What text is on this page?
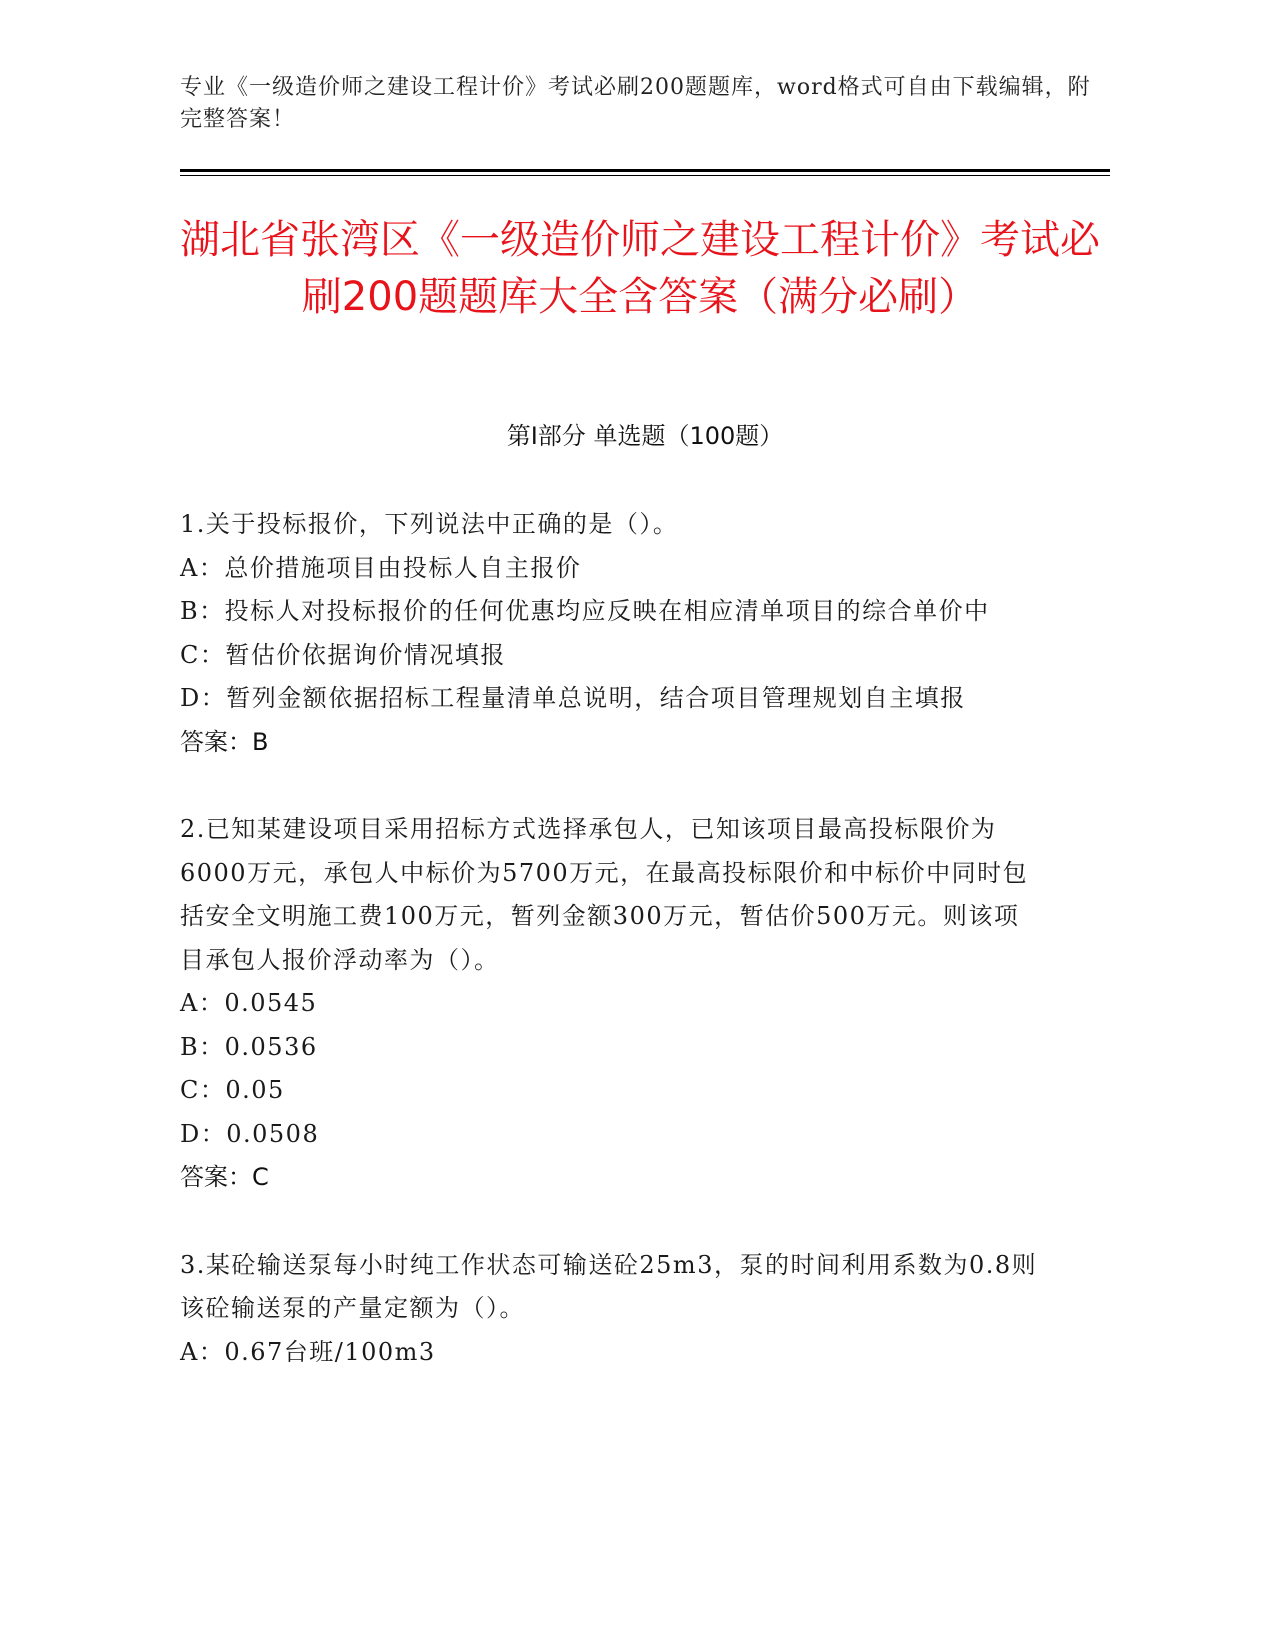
专业《一级造价师之建设工程计价》考试必刷200题题库，word格式可自由下载编辑，附完整答案！
湖北省张湾区《一级造价师之建设工程计价》考试必刷200题题库大全含答案（满分必刷）
第I部分 单选题（100题）

1.关于投标报价，下列说法中正确的是（）。

A：总价措施项目由投标人自主报价

B：投标人对投标报价的任何优惠均应反映在相应清单项目的综合单价中

C：暂估价依据询价情况填报

D：暂列金额依据招标工程量清单总说明，结合项目管理规划自主填报

答案：B

2.已知某建设项目采用招标方式选择承包人，已知该项目最高投标限价为6000万元，承包人中标价为5700万元，在最高投标限价和中标价中同时包括安全文明施工费100万元，暂列金额300万元，暂估价500万元。则该项目承包人报价浮动率为（）。

A：0.0545

B：0.0536

C：0.05

D：0.0508

答案：C

3.某砼输送泵每小时纯工作状态可输送砼25m3，泵的时间利用系数为0.8则该砼输送泵的产量定额为（）。

A：0.67台班/100m3
